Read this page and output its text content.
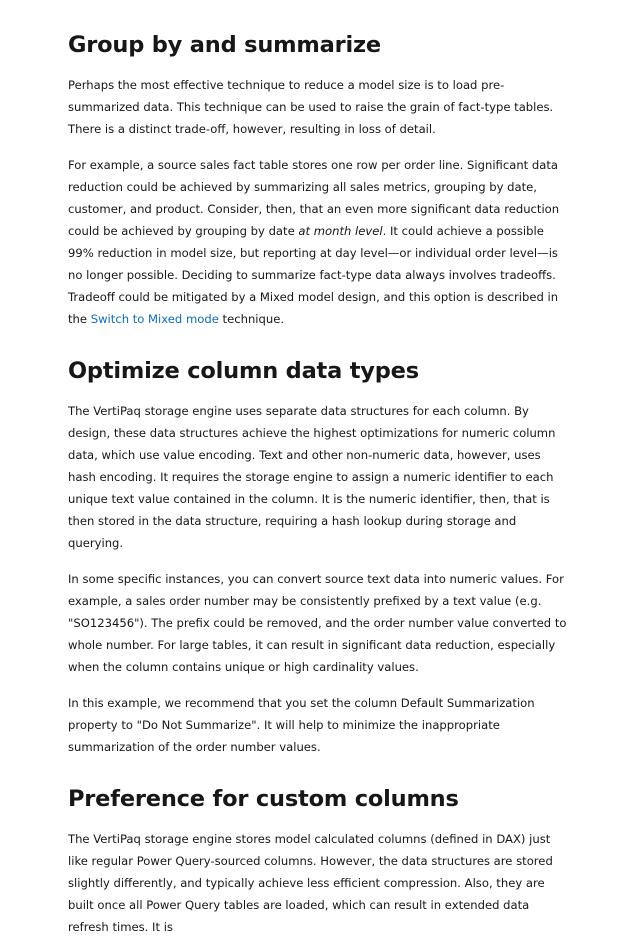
Group by and summarize

Perhaps the most effective technique to reduce a model size is to load pre-summarized data. This technique can be used to raise the grain of fact-type tables. There is a distinct trade-off, however, resulting in loss of detail.

For example, a source sales fact table stores one row per order line. Significant data reduction could be achieved by summarizing all sales metrics, grouping by date, customer, and product. Consider, then, that an even more significant data reduction could be achieved by grouping by date at month level. It could achieve a possible 99% reduction in model size, but reporting at day level—or individual order level—is no longer possible. Deciding to summarize fact-type data always involves tradeoffs. Tradeoff could be mitigated by a Mixed model design, and this option is described in the Switch to Mixed mode technique.

Optimize column data types

The VertiPaq storage engine uses separate data structures for each column. By design, these data structures achieve the highest optimizations for numeric column data, which use value encoding. Text and other non-numeric data, however, uses hash encoding. It requires the storage engine to assign a numeric identifier to each unique text value contained in the column. It is the numeric identifier, then, that is then stored in the data structure, requiring a hash lookup during storage and querying.

In some specific instances, you can convert source text data into numeric values. For example, a sales order number may be consistently prefixed by a text value (e.g. "SO123456"). The prefix could be removed, and the order number value converted to whole number. For large tables, it can result in significant data reduction, especially when the column contains unique or high cardinality values.

In this example, we recommend that you set the column Default Summarization property to "Do Not Summarize". It will help to minimize the inappropriate summarization of the order number values.

Preference for custom columns

The VertiPaq storage engine stores model calculated columns (defined in DAX) just like regular Power Query-sourced columns. However, the data structures are stored slightly differently, and typically achieve less efficient compression. Also, they are built once all Power Query tables are loaded, which can result in extended data refresh times. It is
